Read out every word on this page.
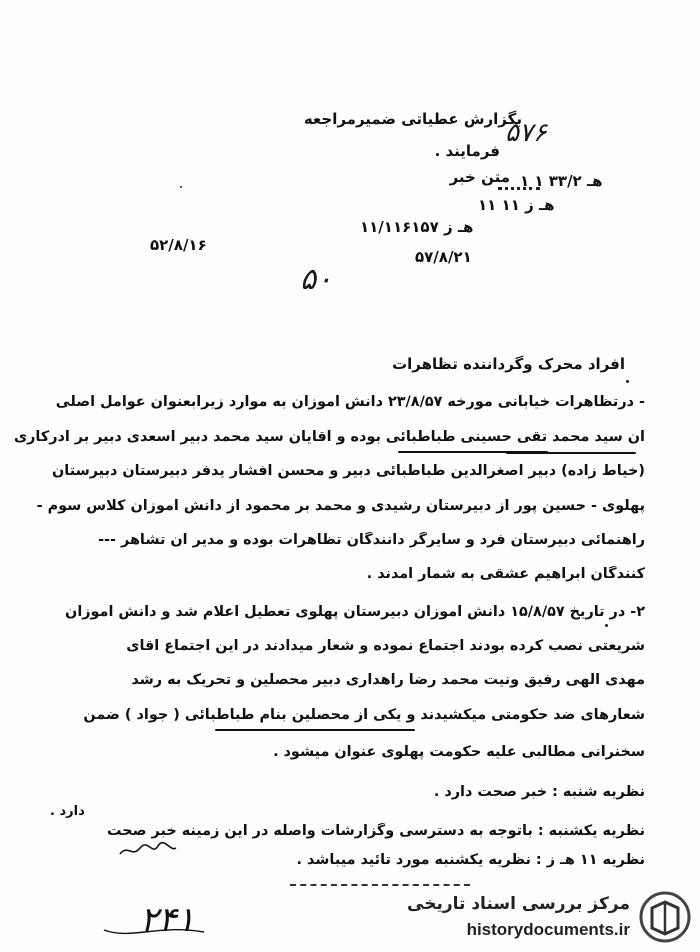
بگزارش عطیاتی ضمیرمراجعه
فرمایند .
متن خبر
۵۲/۸/۱۶
۵۷۶
۱ ۱ هـ ۳۳/۲
۱۱ هـ ز ۱۱
۱۱/۱۱هـ ز ۶۱۵۷
۵۷/۸/۲۱
۵۰
افراد محرک وگرداننده تظاهرات
- درتظاهرات خیابانی مورخه ۲۳/۸/۵۷ دانش آموزان به موارد زیرابعنوان عوامل اصلی
آن سید محمد تقی حسینی طباطبائی بوده و آقایان سید محمد دبیر اسعدی دبیر بر ادرکاری
(خیاط زاده) دبیر اصغرالدین طباطبائی دبیر و محسن افشار یدفر دبیرستان دبیرستان
پهلوی - حسین پور از دبیرستان رشیدی و محمد بر محمود از دانش آموزان کلاس سوم -
راهنمائی دبیرستان فرد و سایرگر دانندگان تظاهرات بوده و مدیر آن تشاهر ---
کنندگان ابراهیم عشقی به شمار آمدند .
۲- در تاریخ ۱۵/۸/۵۷ دانش آموزان دبیرستان پهلوی تعطیل اعلام شد و دانش آموزان
شریعتی نصب کرده بودند اجتماع نموده و شعار میدادند در این اجتماع آقای
مهدی الهی رفیق ونیت محمد رضا راهداری دبیر محصلین و تحریک به رشد
شعارهای ضد حکومتی میکشیدند و یکی از محصلین بنام طباطبائی ( جواد ) ضمن
سخنرانی مطالبی علیه حکومت پهلوی عنوان میشود .
نظریه شنبه : خبر صحت دارد .
دارد .
نظریه یکشنبه : باتوجه به دسترسی وگزارشات واصله در این زمینه خبر صحت
نظریه ۱۱ هـ ز : نظریه یکشنبه مورد تائید میباشد .
۲۴۱	مرکز بررسی اسناد تاریخی
historydocuments.ir
